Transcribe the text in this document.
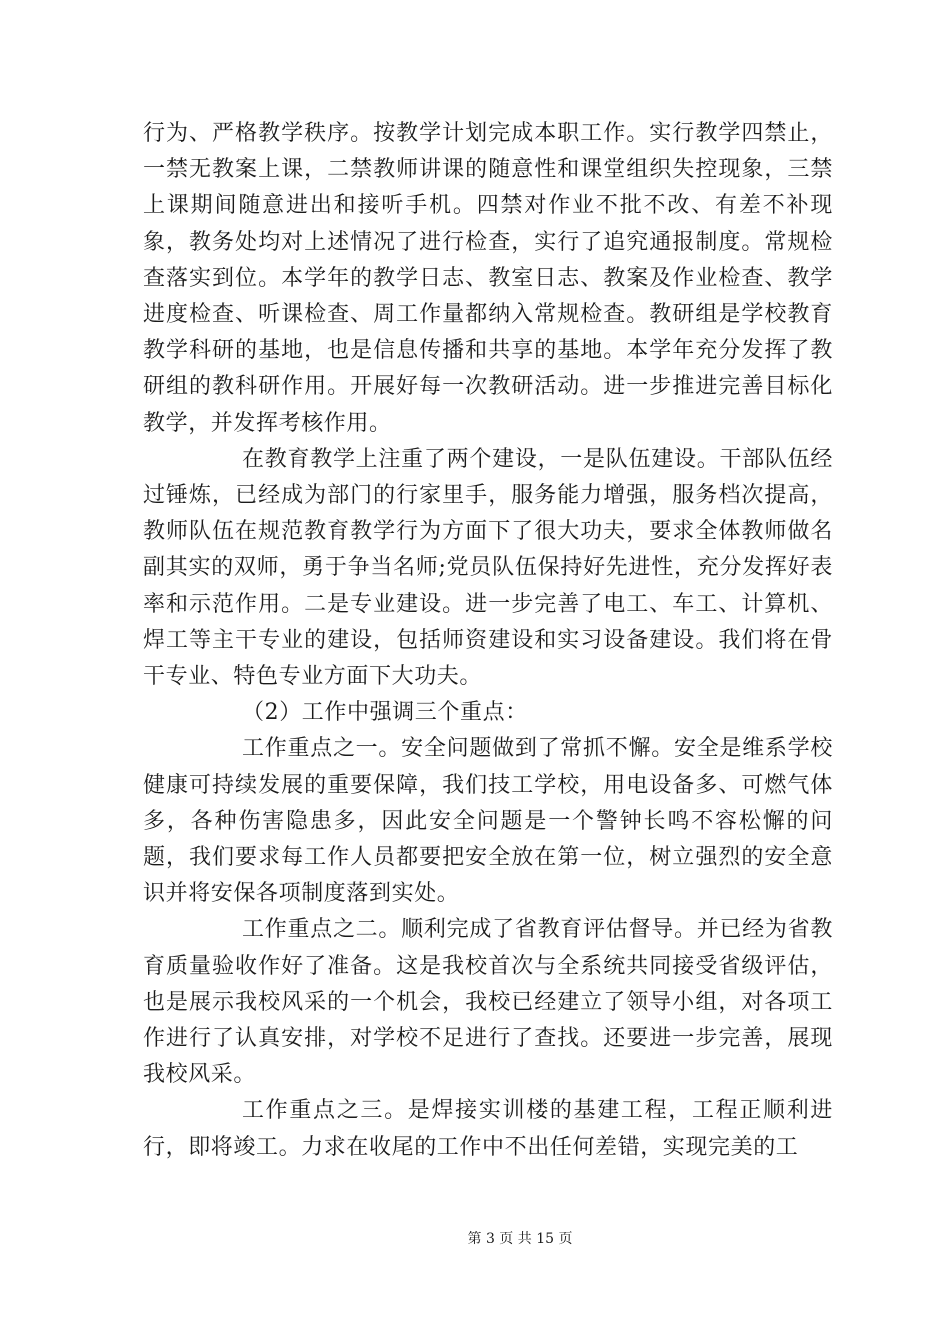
行为、严格教学秩序。按教学计划完成本职工作。实行教学四禁止，一禁无教案上课，二禁教师讲课的随意性和课堂组织失控现象，三禁上课期间随意进出和接听手机。四禁对作业不批不改、有差不补现象，教务处均对上述情况了进行检查，实行了追究通报制度。常规检查落实到位。本学年的教学日志、教室日志、教案及作业检查、教学进度检查、听课检查、周工作量都纳入常规检查。教研组是学校教育教学科研的基地，也是信息传播和共享的基地。本学年充分发挥了教研组的教科研作用。开展好每一次教研活动。进一步推进完善目标化教学，并发挥考核作用。

在教育教学上注重了两个建设，一是队伍建设。干部队伍经过锤炼，已经成为部门的行家里手，服务能力增强，服务档次提高，教师队伍在规范教育教学行为方面下了很大功夫，要求全体教师做名副其实的双师，勇于争当名师;党员队伍保持好先进性，充分发挥好表率和示范作用。二是专业建设。进一步完善了电工、车工、计算机、焊工等主干专业的建设，包括师资建设和实习设备建设。我们将在骨干专业、特色专业方面下大功夫。

（2）工作中强调三个重点：

工作重点之一。安全问题做到了常抓不懈。安全是维系学校健康可持续发展的重要保障，我们技工学校，用电设备多、可燃气体多，各种伤害隐患多，因此安全问题是一个警钟长鸣不容松懈的问题，我们要求每工作人员都要把安全放在第一位，树立强烈的安全意识并将安保各项制度落到实处。

工作重点之二。顺利完成了省教育评估督导。并已经为省教育质量验收作好了准备。这是我校首次与全系统共同接受省级评估，也是展示我校风采的一个机会，我校已经建立了领导小组，对各项工作进行了认真安排，对学校不足进行了查找。还要进一步完善，展现我校风采。

工作重点之三。是焊接实训楼的基建工程，工程正顺利进行，即将竣工。力求在收尾的工作中不出任何差错，实现完美的工

第 3 页 共 15 页
